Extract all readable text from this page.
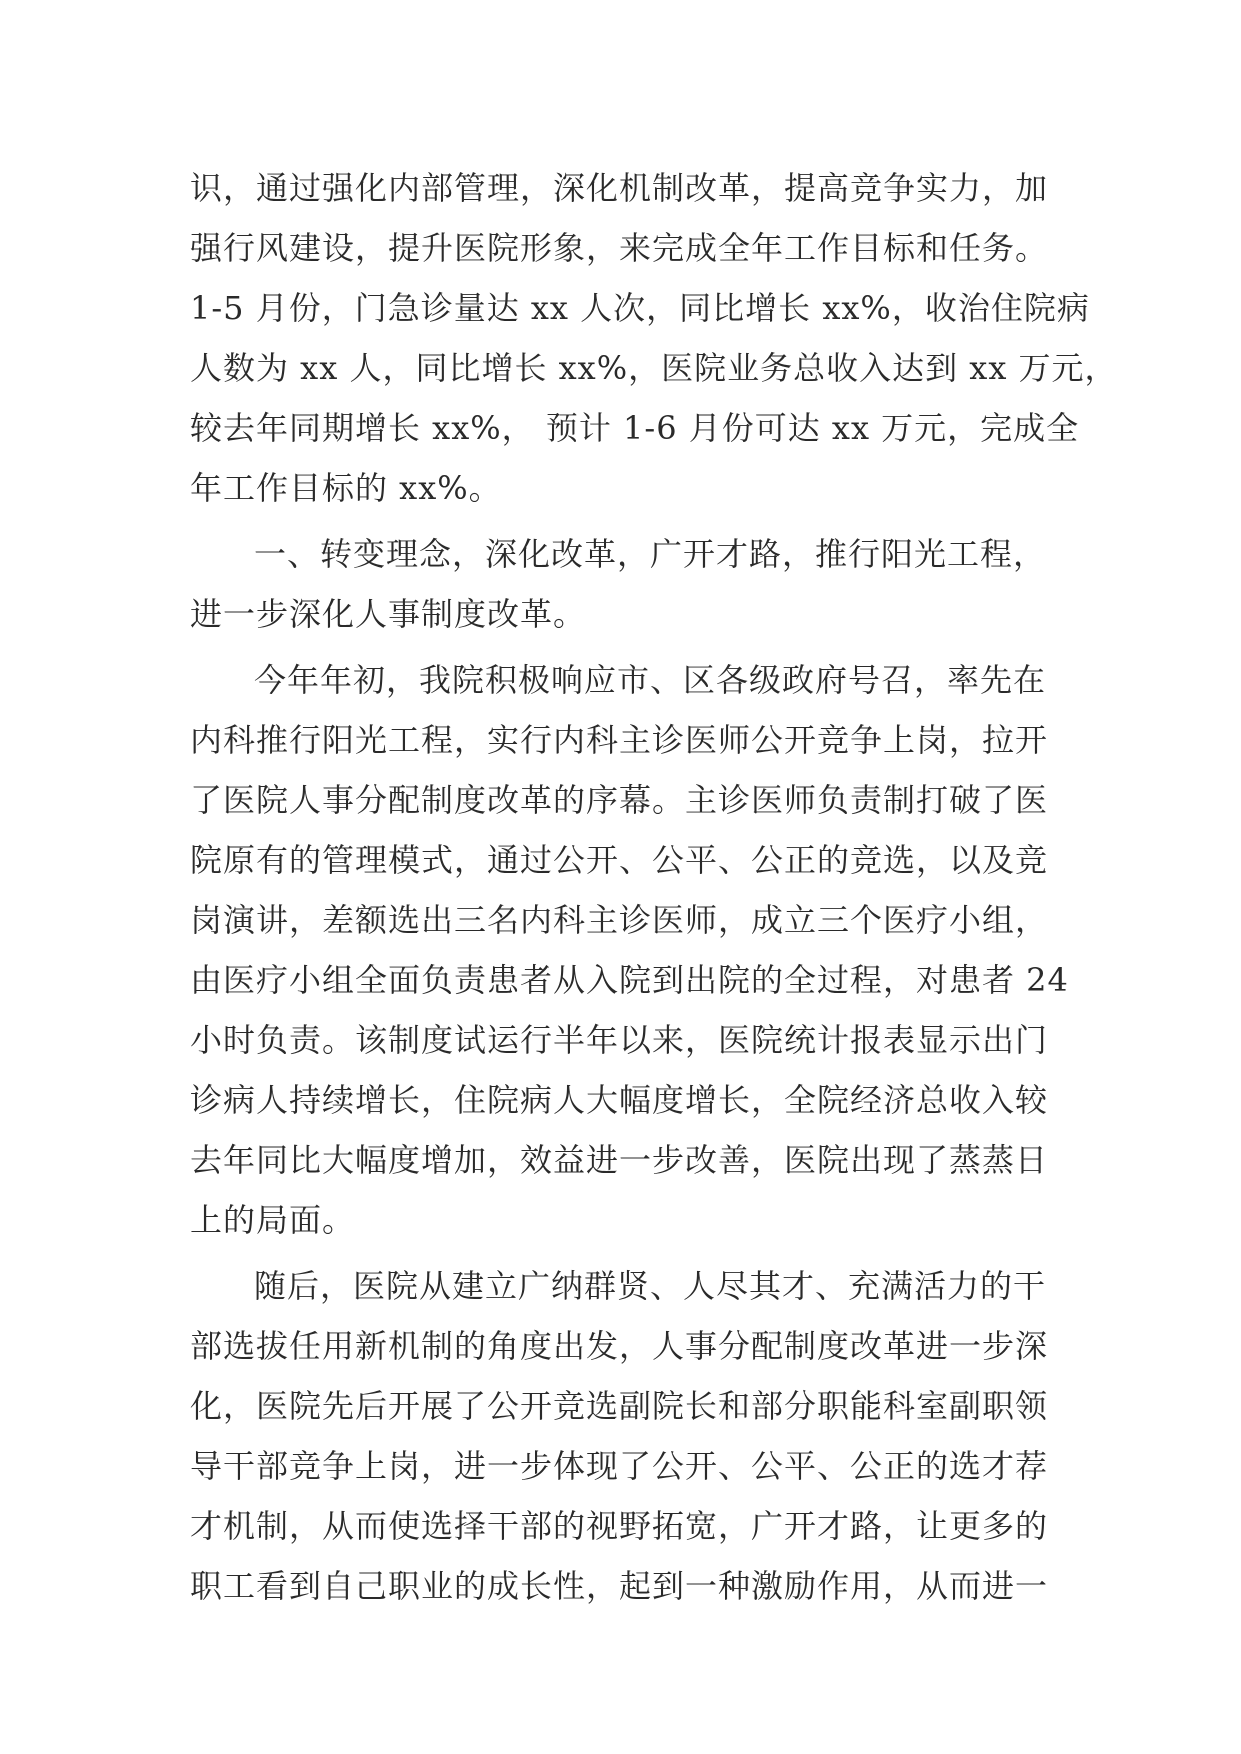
识，通过强化内部管理，深化机制改革，提高竞争实力，加
强行风建设，提升医院形象，来完成全年工作目标和任务。
1-5 月份，门急诊量达 xx 人次，同比增长 xx%，收治住院病
人数为 xx 人，同比增长 xx%，医院业务总收入达到 xx 万元，
较去年同期增长 xx%， 预计 1-6 月份可达 xx 万元，完成全
年工作目标的 xx%。
一、转变理念，深化改革，广开才路，推行阳光工程，
进一步深化人事制度改革。
今年年初，我院积极响应市、区各级政府号召，率先在
内科推行阳光工程，实行内科主诊医师公开竞争上岗，拉开
了医院人事分配制度改革的序幕。主诊医师负责制打破了医
院原有的管理模式，通过公开、公平、公正的竞选，以及竞
岗演讲，差额选出三名内科主诊医师，成立三个医疗小组，
由医疗小组全面负责患者从入院到出院的全过程，对患者 24
小时负责。该制度试运行半年以来，医院统计报表显示出门
诊病人持续增长，住院病人大幅度增长，全院经济总收入较
去年同比大幅度增加，效益进一步改善，医院出现了蒸蒸日
上的局面。
随后，医院从建立广纳群贤、人尽其才、充满活力的干
部选拔任用新机制的角度出发，人事分配制度改革进一步深
化，医院先后开展了公开竞选副院长和部分职能科室副职领
导干部竞争上岗，进一步体现了公开、公平、公正的选才荐
才机制，从而使选择干部的视野拓宽，广开才路，让更多的
职工看到自己职业的成长性，起到一种激励作用，从而进一
